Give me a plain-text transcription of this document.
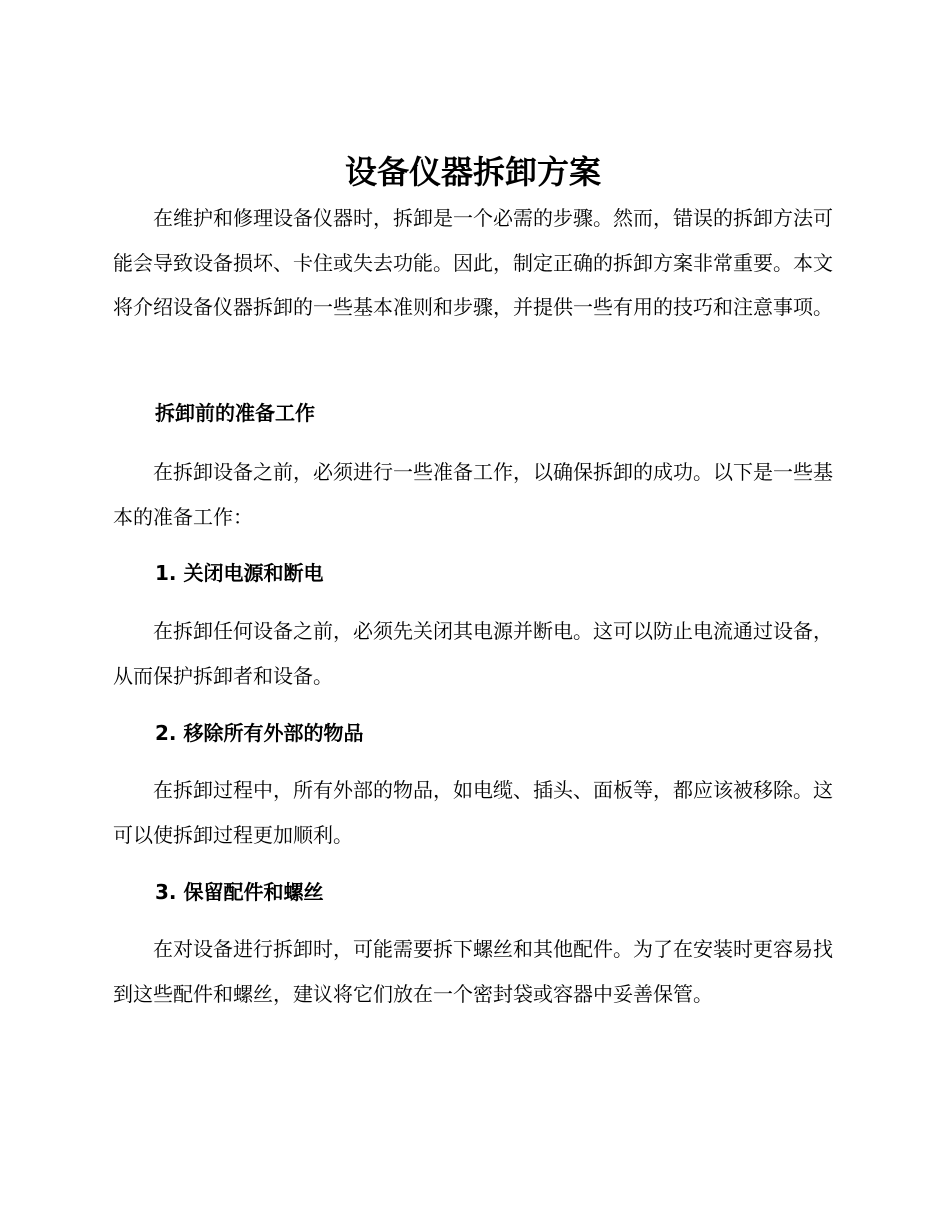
设备仪器拆卸方案

在维护和修理设备仪器时，拆卸是一个必需的步骤。然而，错误的拆卸方法可能会导致设备损坏、卡住或失去功能。因此，制定正确的拆卸方案非常重要。本文将介绍设备仪器拆卸的一些基本准则和步骤，并提供一些有用的技巧和注意事项。

拆卸前的准备工作

在拆卸设备之前，必须进行一些准备工作，以确保拆卸的成功。以下是一些基本的准备工作：

1. 关闭电源和断电

在拆卸任何设备之前，必须先关闭其电源并断电。这可以防止电流通过设备，从而保护拆卸者和设备。

2. 移除所有外部的物品

在拆卸过程中，所有外部的物品，如电缆、插头、面板等，都应该被移除。这可以使拆卸过程更加顺利。

3. 保留配件和螺丝

在对设备进行拆卸时，可能需要拆下螺丝和其他配件。为了在安装时更容易找到这些配件和螺丝，建议将它们放在一个密封袋或容器中妥善保管。
